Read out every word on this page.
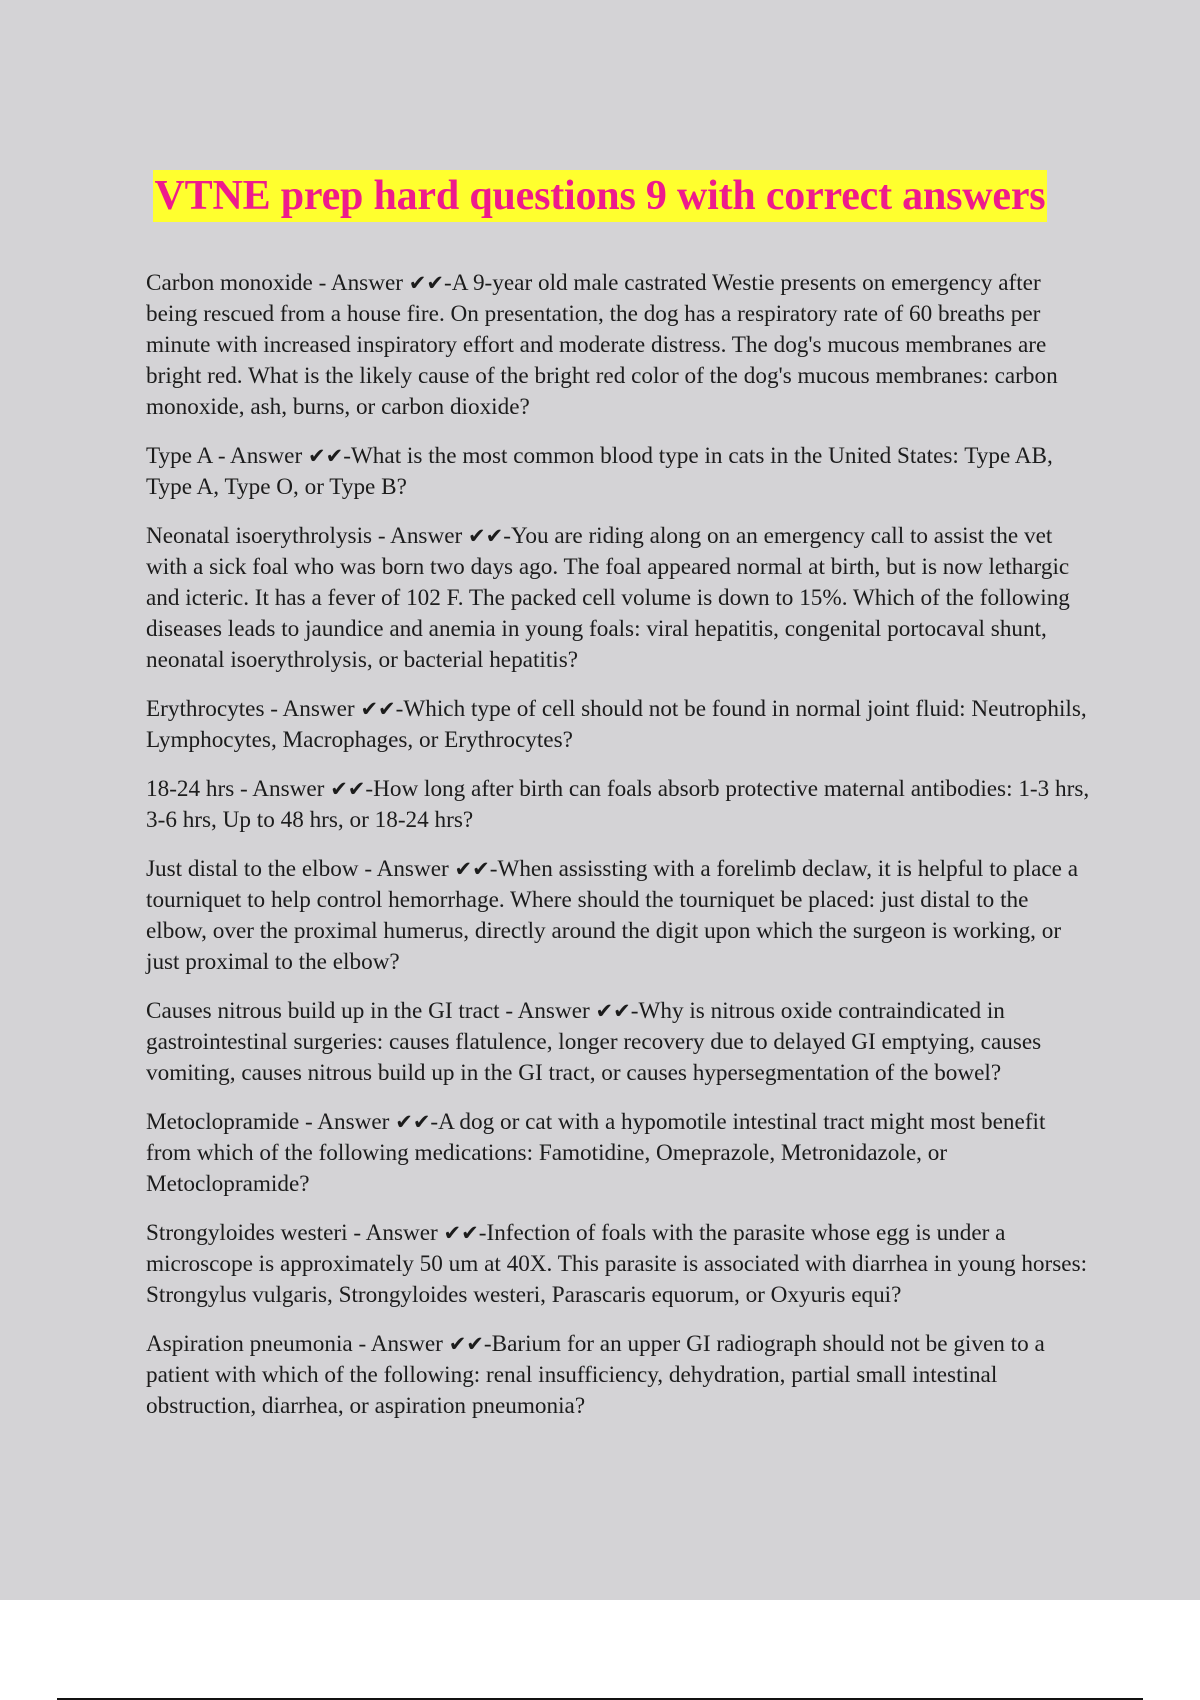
VTNE prep hard questions 9 with correct answers

Carbon monoxide - Answer ✔✔-A 9-year old male castrated Westie presents on emergency after being rescued from a house fire. On presentation, the dog has a respiratory rate of 60 breaths per minute with increased inspiratory effort and moderate distress. The dog's mucous membranes are bright red. What is the likely cause of the bright red color of the dog's mucous membranes: carbon monoxide, ash, burns, or carbon dioxide?

Type A - Answer ✔✔-What is the most common blood type in cats in the United States: Type AB, Type A, Type O, or Type B?

Neonatal isoerythrolysis - Answer ✔✔-You are riding along on an emergency call to assist the vet with a sick foal who was born two days ago. The foal appeared normal at birth, but is now lethargic and icteric. It has a fever of 102 F. The packed cell volume is down to 15%. Which of the following diseases leads to jaundice and anemia in young foals: viral hepatitis, congenital portocaval shunt, neonatal isoerythrolysis, or bacterial hepatitis?

Erythrocytes - Answer ✔✔-Which type of cell should not be found in normal joint fluid: Neutrophils, Lymphocytes, Macrophages, or Erythrocytes?

18-24 hrs - Answer ✔✔-How long after birth can foals absorb protective maternal antibodies: 1-3 hrs, 3-6 hrs, Up to 48 hrs, or 18-24 hrs?

Just distal to the elbow - Answer ✔✔-When assissting with a forelimb declaw, it is helpful to place a tourniquet to help control hemorrhage. Where should the tourniquet be placed: just distal to the elbow, over the proximal humerus, directly around the digit upon which the surgeon is working, or just proximal to the elbow?

Causes nitrous build up in the GI tract - Answer ✔✔-Why is nitrous oxide contraindicated in gastrointestinal surgeries: causes flatulence, longer recovery due to delayed GI emptying, causes vomiting, causes nitrous build up in the GI tract, or causes hypersegmentation of the bowel?

Metoclopramide - Answer ✔✔-A dog or cat with a hypomotile intestinal tract might most benefit from which of the following medications: Famotidine, Omeprazole, Metronidazole, or Metoclopramide?

Strongyloides westeri - Answer ✔✔-Infection of foals with the parasite whose egg is under a microscope is approximately 50 um at 40X. This parasite is associated with diarrhea in young horses: Strongylus vulgaris, Strongyloides westeri, Parascaris equorum, or Oxyuris equi?

Aspiration pneumonia - Answer ✔✔-Barium for an upper GI radiograph should not be given to a patient with which of the following: renal insufficiency, dehydration, partial small intestinal obstruction, diarrhea, or aspiration pneumonia?
